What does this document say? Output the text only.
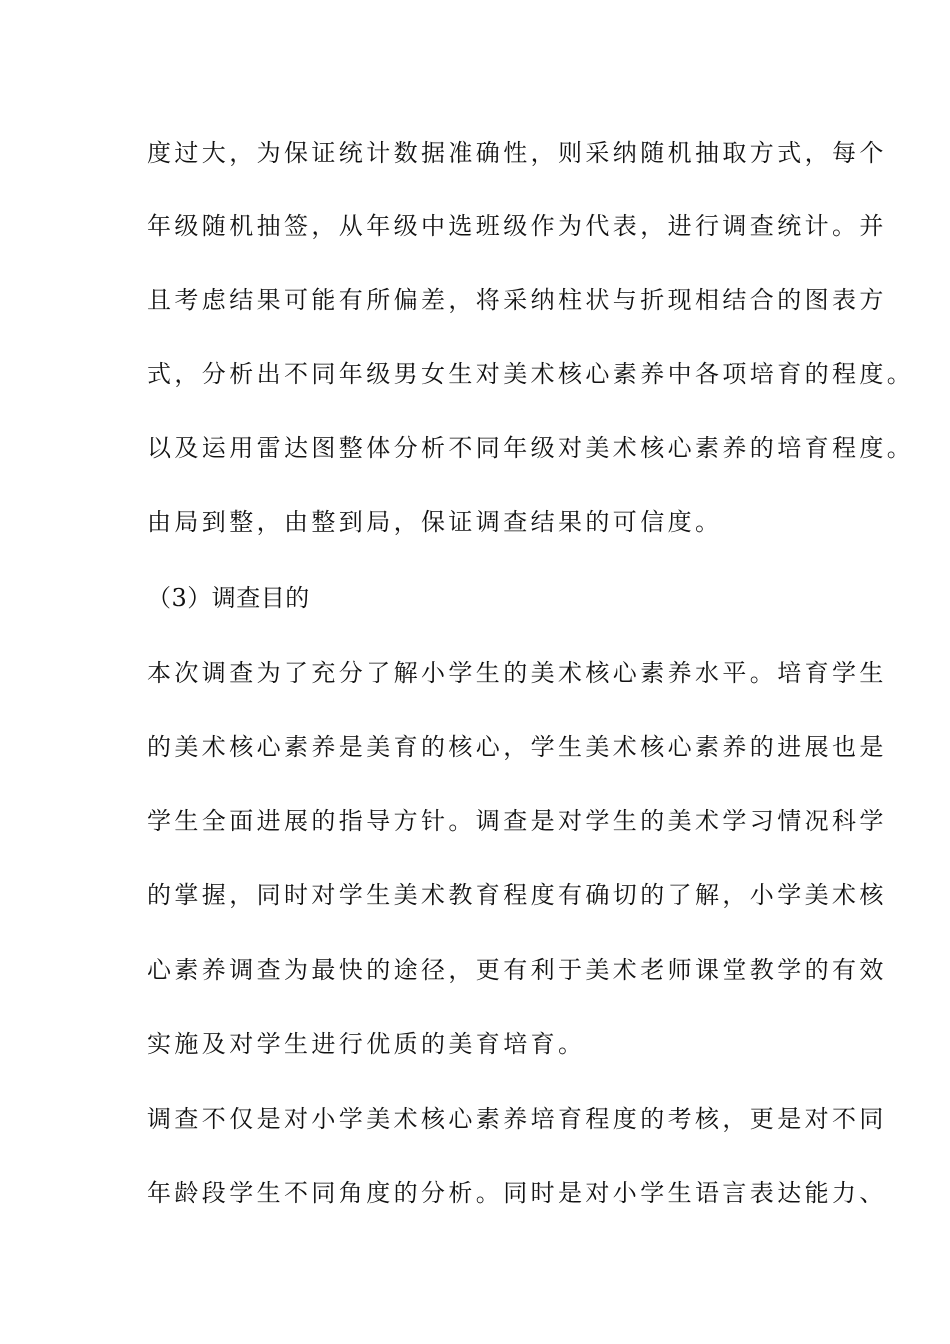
度过大，为保证统计数据准确性，则采纳随机抽取方式，每个
年级随机抽签，从年级中选班级作为代表，进行调查统计。并
且考虑结果可能有所偏差，将采纳柱状与折现相结合的图表方
式，分析出不同年级男女生对美术核心素养中各项培育的程度。
以及运用雷达图整体分析不同年级对美术核心素养的培育程度。
由局到整，由整到局，保证调查结果的可信度。
（3）调查目的
本次调查为了充分了解小学生的美术核心素养水平。培育学生
的美术核心素养是美育的核心，学生美术核心素养的进展也是
学生全面进展的指导方针。调查是对学生的美术学习情况科学
的掌握，同时对学生美术教育程度有确切的了解，小学美术核
心素养调查为最快的途径，更有利于美术老师课堂教学的有效
实施及对学生进行优质的美育培育。
调查不仅是对小学美术核心素养培育程度的考核，更是对不同
年龄段学生不同角度的分析。同时是对小学生语言表达能力、
